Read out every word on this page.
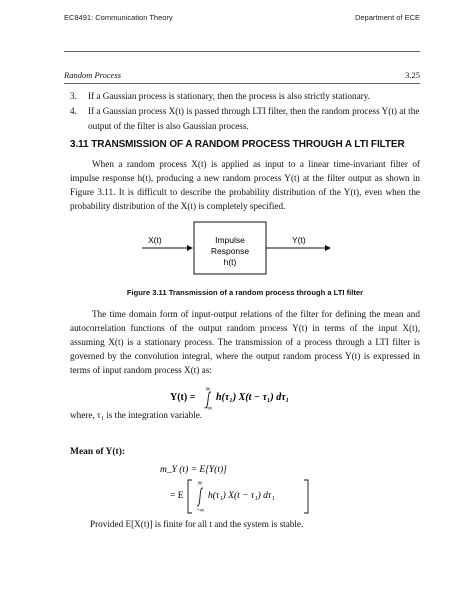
EC8491: Communication Theory	Department of ECE
Random Process	3.25
3.	If a Gaussian process is stationary, then the process is also strictly stationary.
4.	If a Gaussian process X(t) is passed through LTI filter, then the random process Y(t) at the output of the filter is also Gaussian process.
3.11 TRANSMISSION OF A RANDOM PROCESS THROUGH A LTI FILTER
When a random process X(t) is applied as input to a linear time-invariant filter of impulse response h(t), producing a new random process Y(t) at the filter output as shown in Figure 3.11. It is difficult to describe the probability distribution of the Y(t), even when the probability distribution of the X(t) is completely specified.
X(t)	Impulse
Response
h(t)
Y(t)
Figure 3.11 Transmission of a random process through a LTI filter
The time domain form of input-output relations of the filter for defining the mean and autocorrelation functions of the output random process Y(t) in terms of the input X(t), assuming X(t) is a stationary process. The transmission of a process through a LTI filter is governed by the convolution integral, where the output random process Y(t) is expressed in terms of input random process X(t) as:
Y(t) =
∞
−∞
h(τ₁) X(t − τ₁) dτ₁
where, τ₁ is the integration variable.
Mean of Y(t):
m_Y (t) = E[Y(t)]
= E
∞
−∞
h(τ₁) X(t − τ₁) dτ₁
Provided E[X(t)] is finite for all t and the system is stable.
